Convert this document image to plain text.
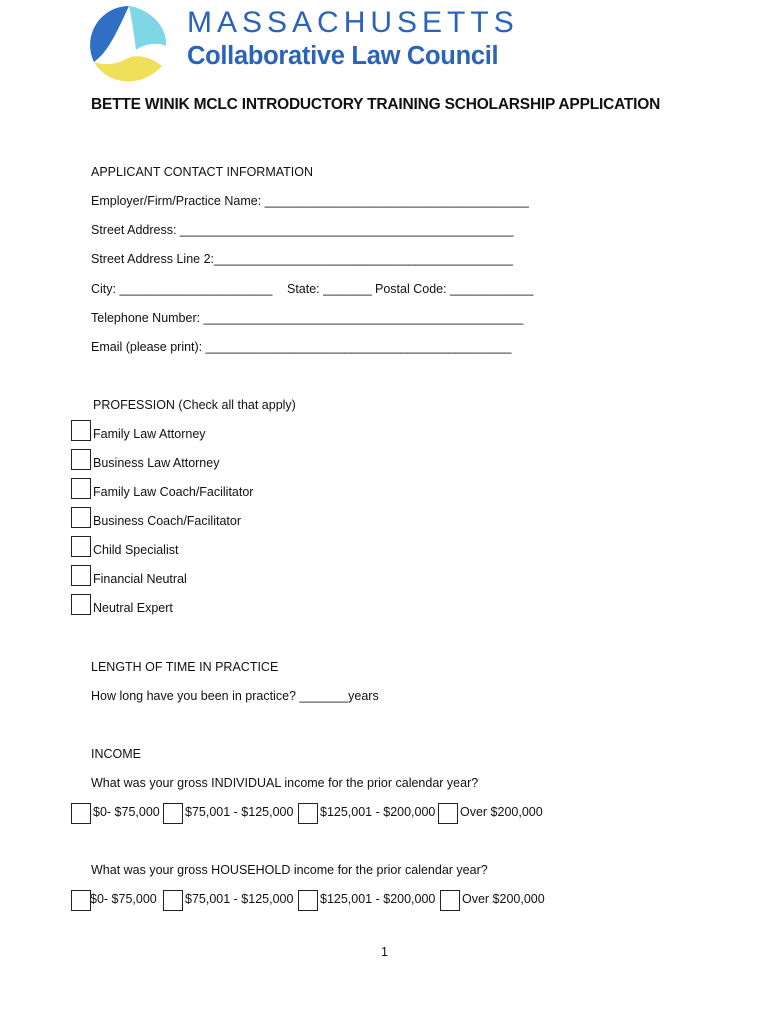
MASSACHUSETTS
Collaborative Law Council
BETTE WINIK MCLC INTRODUCTORY TRAINING SCHOLARSHIP APPLICATION
APPLICANT CONTACT INFORMATION
Employer/Firm/Practice Name: ______________________________________
Street Address: ________________________________________________
Street Address Line 2:___________________________________________
City: ______________________ State: _______ Postal Code: ____________
Telephone Number: ______________________________________________
Email (please print): ____________________________________________
PROFESSION (Check all that apply)
Family Law Attorney
Business Law Attorney
Family Law Coach/Facilitator
Business Coach/Facilitator
Child Specialist
Financial Neutral
Neutral Expert
LENGTH OF TIME IN PRACTICE
How long have you been in practice? _______years
INCOME
What was your gross INDIVIDUAL income for the prior calendar year?
$0- $75,000 $75,001 - $125,000 $125,001 - $200,000 Over $200,000
What was your gross HOUSEHOLD income for the prior calendar year?
$0- $75,000 $75,001 - $125,000 $125,001 - $200,000 Over $200,000
1
